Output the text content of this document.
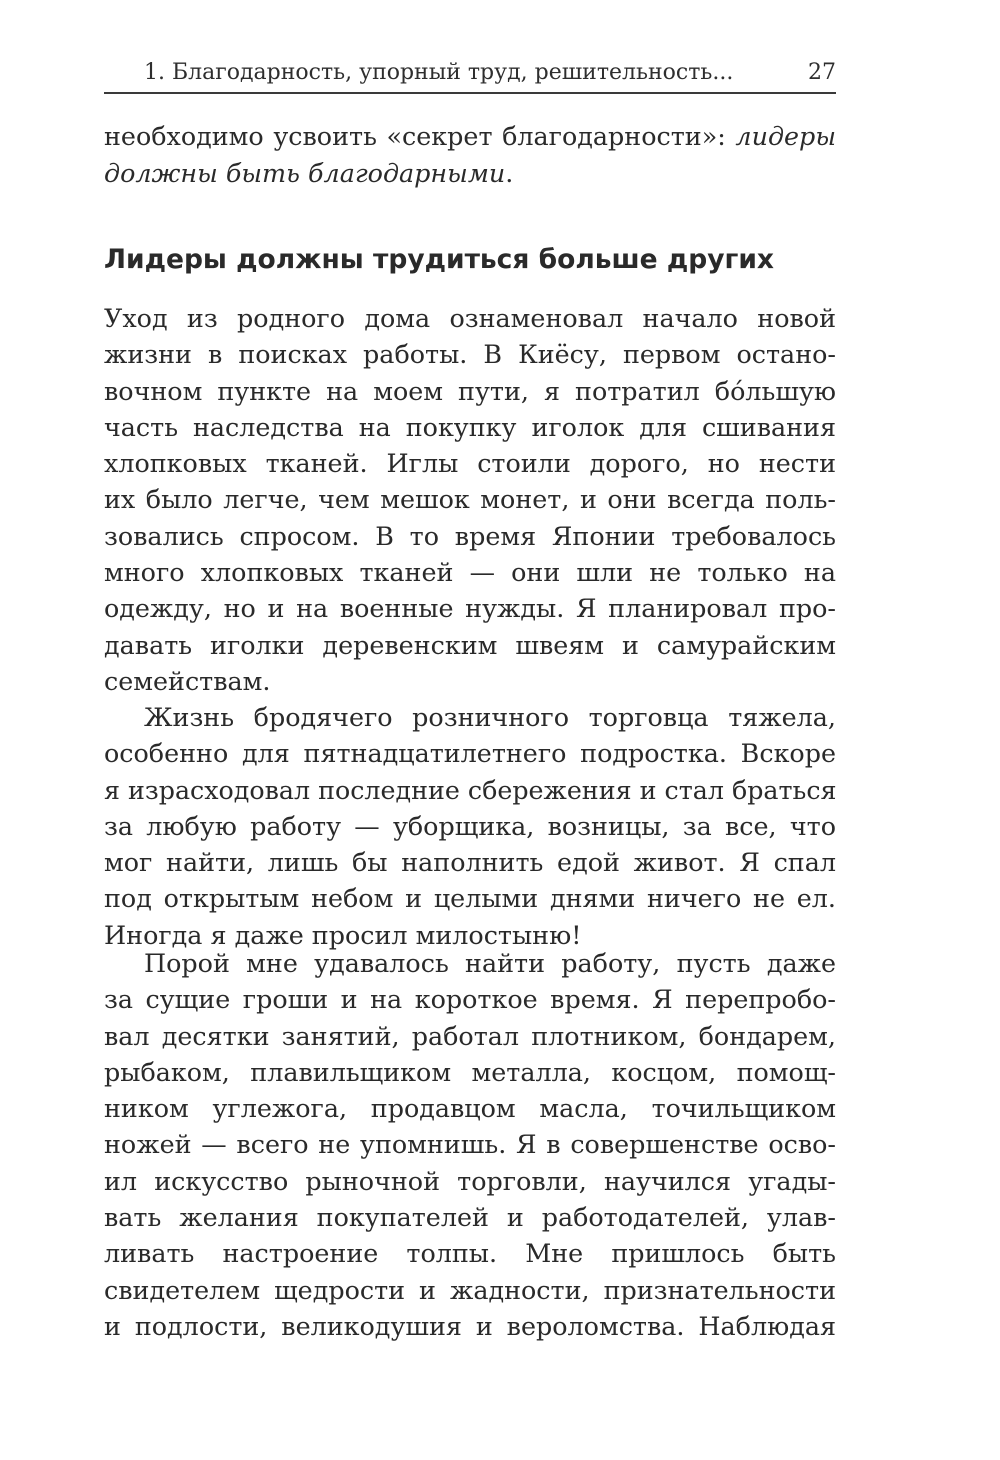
1. Благодарность, упорный труд, решительность...	27
необходимо усвоить «секрет благодарности»: лидеры
должны быть благодарными.
Лидеры должны трудиться больше других
Уход из родного дома ознаменовал начало новой
жизни в поисках работы. В Киёсу, первом остано-
вочном пункте на моем пути, я потратил бо́льшую
часть наследства на покупку иголок для сшивания
хлопковых тканей. Иглы стоили дорого, но нести
их было легче, чем мешок монет, и они всегда поль-
зовались спросом. В то время Японии требовалось
много хлопковых тканей — они шли не только на
одежду, но и на военные нужды. Я планировал про-
давать иголки деревенским швеям и самурайским
семействам.
Жизнь бродячего розничного торговца тяжела,
особенно для пятнадцатилетнего подростка. Вскоре
я израсходовал последние сбережения и стал браться
за любую работу — уборщика, возницы, за все, что
мог найти, лишь бы наполнить едой живот. Я спал
под открытым небом и целыми днями ничего не ел.
Иногда я даже просил милостыню!
Порой мне удавалось найти работу, пусть даже
за сущие гроши и на короткое время. Я перепробо-
вал десятки занятий, работал плотником, бондарем,
рыбаком, плавильщиком металла, косцом, помощ-
ником углежога, продавцом масла, точильщиком
ножей — всего не упомнишь. Я в совершенстве осво-
ил искусство рыночной торговли, научился угады-
вать желания покупателей и работодателей, улав-
ливать настроение толпы. Мне пришлось быть
свидетелем щедрости и жадности, признательности
и подлости, великодушия и вероломства. Наблюдая
